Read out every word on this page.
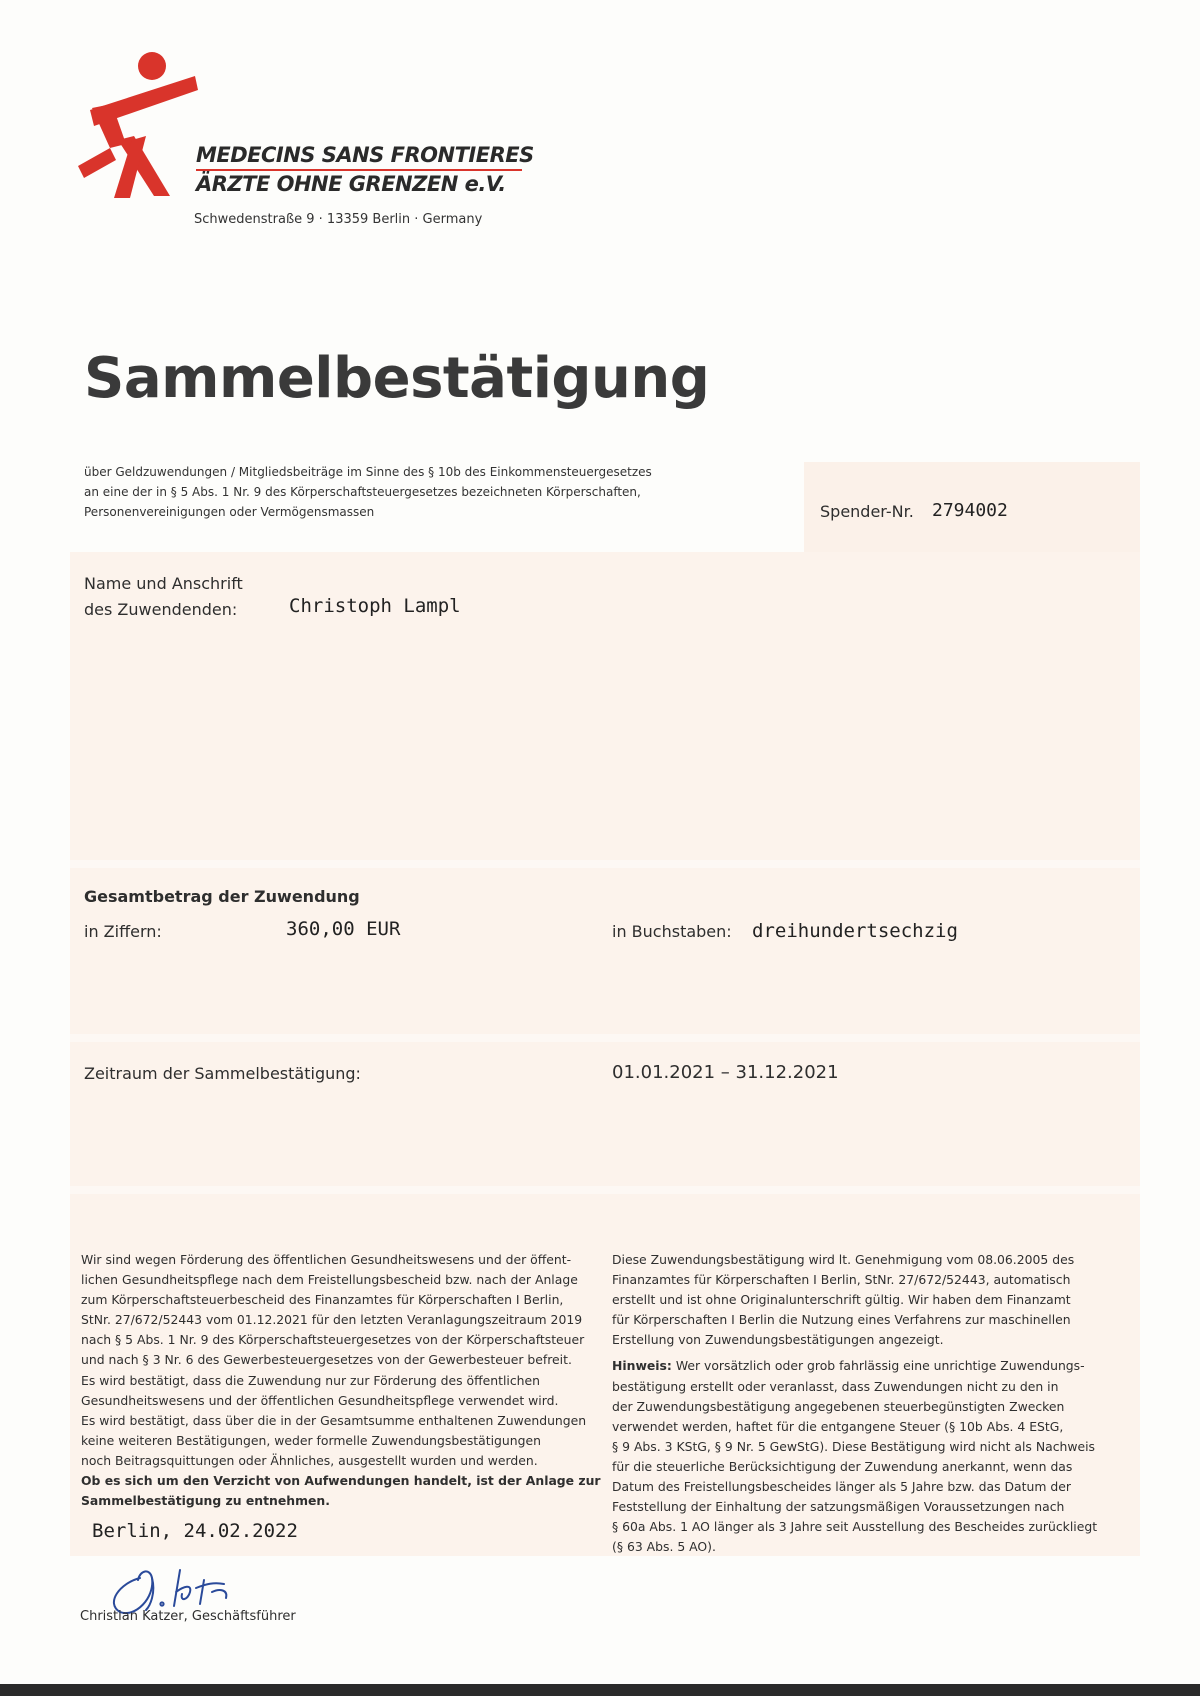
MEDECINS SANS FRONTIERES
ÄRZTE OHNE GRENZEN e.V.
Schwedenstraße 9 · 13359 Berlin · Germany
Sammelbestätigung
über Geldzuwendungen / Mitgliedsbeiträge im Sinne des § 10b des Einkommensteuergesetzes
an eine der in § 5 Abs. 1 Nr. 9 des Körperschaftsteuergesetzes bezeichneten Körperschaften,
Personenvereinigungen oder Vermögensmassen	Spender-Nr. 2794002
Name und Anschrift
des Zuwendenden:	Christoph Lampl
Gesamtbetrag der Zuwendung
in Ziffern:	360,00 EUR	in Buchstaben: dreihundertsechzig
Zeitraum der Sammelbestätigung:	01.01.2021 – 31.12.2021

Wir sind wegen Förderung des öffentlichen Gesundheitswesens und der öffent-

lichen Gesundheitspflege nach dem Freistellungsbescheid bzw. nach der Anlage

zum Körperschaftsteuerbescheid des Finanzamtes für Körperschaften I Berlin,

StNr. 27/672/52443 vom 01.12.2021 für den letzten Veranlagungszeitraum 2019

nach § 5 Abs. 1 Nr. 9 des Körperschaftsteuergesetzes von der Körperschaftsteuer

und nach § 3 Nr. 6 des Gewerbesteuergesetzes von der Gewerbesteuer befreit.

Es wird bestätigt, dass die Zuwendung nur zur Förderung des öffentlichen

Gesundheitswesens und der öffentlichen Gesundheitspflege verwendet wird.

Es wird bestätigt, dass über die in der Gesamtsumme enthaltenen Zuwendungen

keine weiteren Bestätigungen, weder formelle Zuwendungsbestätigungen

noch Beitragsquittungen oder Ähnliches, ausgestellt wurden und werden.

Ob es sich um den Verzicht von Aufwendungen handelt, ist der Anlage zur

Sammelbestätigung zu entnehmen.

Diese Zuwendungsbestätigung wird lt. Genehmigung vom 08.06.2005 des

Finanzamtes für Körperschaften I Berlin, StNr. 27/672/52443, automatisch

erstellt und ist ohne Originalunterschrift gültig. Wir haben dem Finanzamt

für Körperschaften I Berlin die Nutzung eines Verfahrens zur maschinellen

Erstellung von Zuwendungsbestätigungen angezeigt.

Hinweis: Wer vorsätzlich oder grob fahrlässig eine unrichtige Zuwendungs-

bestätigung erstellt oder veranlasst, dass Zuwendungen nicht zu den in

der Zuwendungsbestätigung angegebenen steuerbegünstigten Zwecken

verwendet werden, haftet für die entgangene Steuer (§ 10b Abs. 4 EStG,

§ 9 Abs. 3 KStG, § 9 Nr. 5 GewStG). Diese Bestätigung wird nicht als Nachweis

für die steuerliche Berücksichtigung der Zuwendung anerkannt, wenn das

Datum des Freistellungsbescheides länger als 5 Jahre bzw. das Datum der

Feststellung der Einhaltung der satzungsmäßigen Voraussetzungen nach

§ 60a Abs. 1 AO länger als 3 Jahre seit Ausstellung des Bescheides zurückliegt

(§ 63 Abs. 5 AO).

Berlin, 24.02.2022
Christian Katzer, Geschäftsführer
